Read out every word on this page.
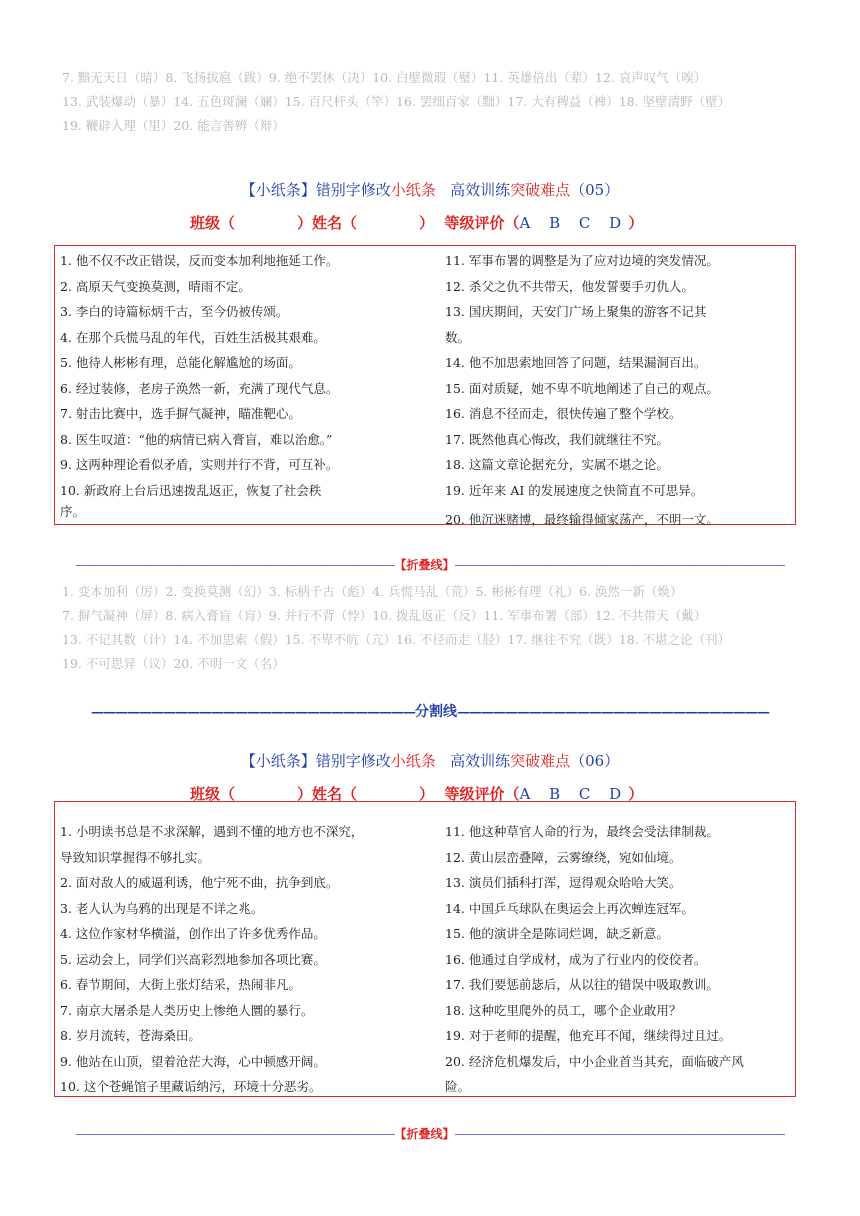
7. 黯无天日（暗）8. 飞扬拔扈（跋）9. 绝不罢休（决）10. 白壁微瑕（璧）11. 英雄倍出（辈）12. 哀声叹气（唉）
13. 武装爆动（暴）14. 五色斑澜（斓）15. 百尺杆头（竿）16. 罢细百家（黜）17. 大有稗益（裨）18. 坚壁清野（壁）
19. 鞭辟入理（里）20. 能言善辨（辩）
【小纸条】错别字修改小纸条 高效训练突破难点（05）
班级（	）姓名（	） 等级评价（A B C D）
1. 他不仅不改正错误，反而变本加利地拖延工作。
2. 高原天气变换莫测，晴雨不定。
3. 李白的诗篇标炳千古，至今仍被传颂。
4. 在那个兵慌马乱的年代，百姓生活极其艰难。
5. 他待人彬彬有理，总能化解尴尬的场面。
6. 经过装修，老房子涣然一新，充满了现代气息。
7. 射击比赛中，选手摒气凝神，瞄准靶心。
8. 医生叹道：“他的病情已病入膏盲，难以治愈。”
9. 这两种理论看似矛盾，实则并行不背，可互补。
10. 新政府上台后迅速拨乱返正，恢复了社会秩
序。
11. 军事布署的调整是为了应对边境的突发情况。
12. 杀父之仇不共带天，他发誓要手刃仇人。
13. 国庆期间，天安门广场上聚集的游客不记其
数。
14. 他不加思索地回答了问题，结果漏洞百出。
15. 面对质疑，她不卑不吭地阐述了自己的观点。
16. 消息不径而走，很快传遍了整个学校。
17. 既然他真心悔改，我们就继往不究。
18. 这篇文章论据充分，实属不堪之论。
19. 近年来 AI 的发展速度之快简直不可思异。
20. 他沉迷赌博，最终输得倾家荡产，不明一文。
—————————————————————————————【折叠线】——————————————————————————————
1. 变本加利（厉）2. 变换莫测（幻）3. 标柄千古（彪）4. 兵慌马乱（荒）5. 彬彬有理（礼）6. 涣然一新（焕）
7. 摒气凝神（屏）8. 病入膏盲（肓）9. 并行不背（悖）10. 拨乱返正（反）11. 军事布署（部）12. 不共带天（戴）
13. 不记其数（计）14. 不加思索（假）15. 不卑不吭（亢）16. 不径而走（胫）17. 继往不究（既）18. 不堪之论（刊）
19. 不可思异（议）20. 不明一文（名）
———————————————————————————分割线——————————————————————————
【小纸条】错别字修改小纸条 高效训练突破难点（06）
班级（	）姓名（	） 等级评价（A B C D）
1. 小明读书总是不求深解，遇到不懂的地方也不深究，
导致知识掌握得不够扎实。
2. 面对敌人的威逼利诱，他宁死不曲，抗争到底。
3. 老人认为乌鸦的出现是不详之兆。
4. 这位作家材华横溢，创作出了许多优秀作品。
5. 运动会上，同学们兴高彩烈地参加各项比赛。
6. 春节期间，大街上张灯结采，热闹非凡。
7. 南京大屠杀是人类历史上惨绝人圜的暴行。
8. 岁月流转，苍海桑田。
9. 他站在山顶，望着沧茫大海，心中顿感开阔。
10. 这个苍蝇馆子里藏诟纳污，环境十分恶劣。
11. 他这种草官人命的行为，最终会受法律制裁。
12. 黄山层峦叠障，云雾缭绕，宛如仙境。
13. 演员们插科打浑，逗得观众哈哈大笑。
14. 中国乒乓球队在奥运会上再次蝉连冠军。
15. 他的演讲全是陈词烂调，缺乏新意。
16. 他通过自学成材，成为了行业内的佼佼者。
17. 我们要惩前毖后，从以往的错误中吸取教训。
18. 这种吃里爬外的员工，哪个企业敢用？
19. 对于老师的提醒，他充耳不闻，继续得过且过。
20. 经济危机爆发后，中小企业首当其充，面临破产风
险。
—————————————————————————————【折叠线】——————————————————————————————
